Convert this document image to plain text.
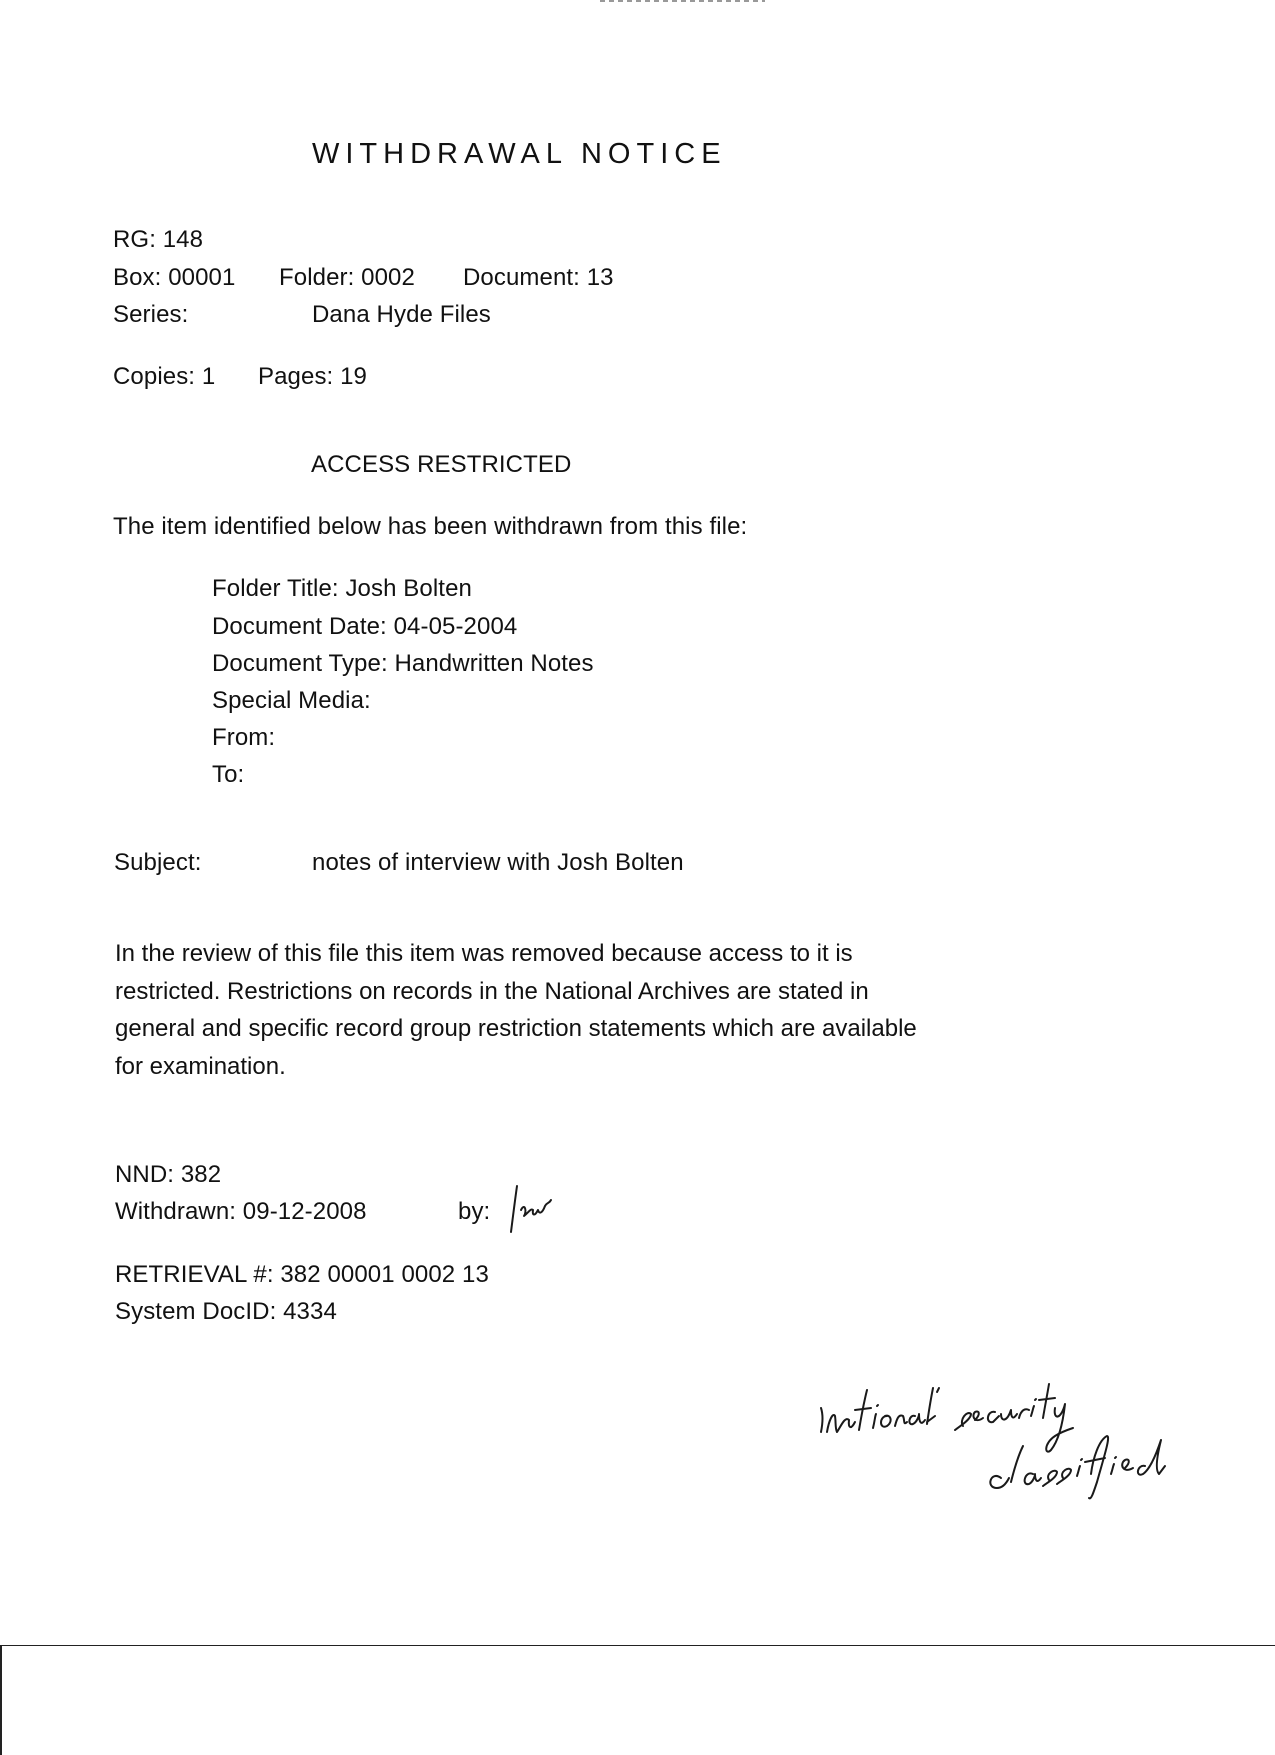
WITHDRAWAL NOTICE
RG: 148
Box: 00001 Folder: 0002 Document: 13
Series:	Dana Hyde Files
Copies: 1 Pages: 19
ACCESS RESTRICTED
The item identified below has been withdrawn from this file:
Folder Title: Josh Bolten
Document Date: 04-05-2004
Document Type: Handwritten Notes
Special Media:
From:
To:
Subject:	notes of interview with Josh Bolten
In the review of this file this item was removed because access to it is
restricted. Restrictions on records in the National Archives are stated in
general and specific record group restriction statements which are available
for examination.
NND: 382
Withdrawn: 09-12-2008	by:
RETRIEVAL #: 382 00001 0002 13
System DocID: 4334
